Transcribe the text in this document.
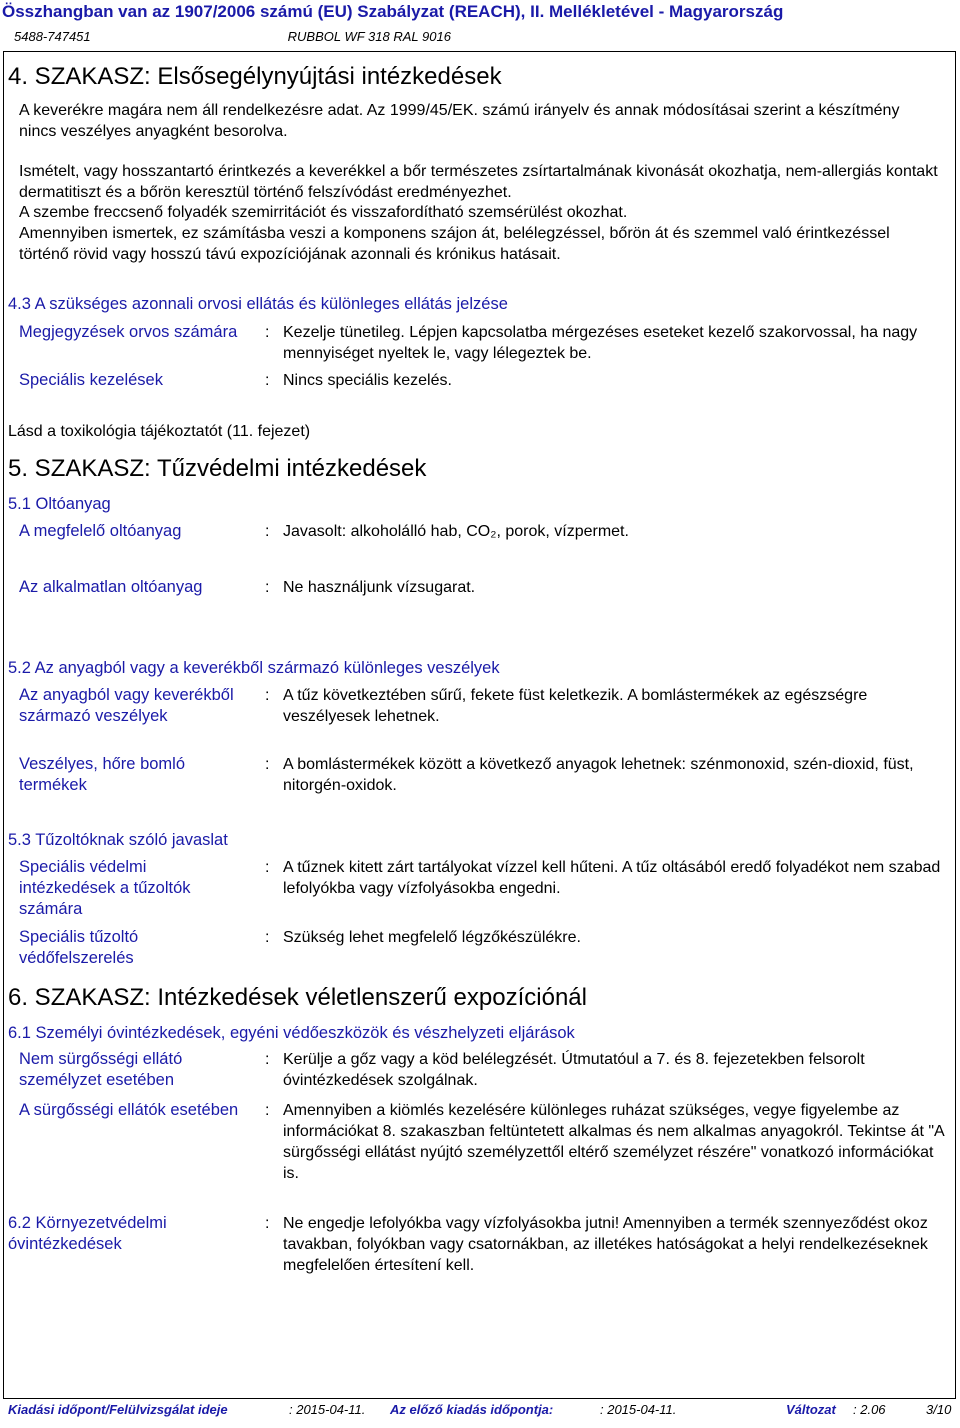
Összhangban van az 1907/2006 számú (EU) Szabályzat (REACH), II. Mellékletével - Magyarország
5488-747451	RUBBOL WF 318 RAL 9016
4. SZAKASZ: Elsősegélynyújtási intézkedések
A keverékre magára nem áll rendelkezésre adat. Az 1999/45/EK. számú irányelv és annak módosításai szerint a készítmény nincs veszélyes anyagként besorolva.
Ismételt, vagy hosszantartó érintkezés a keverékkel a bőr természetes zsírtartalmának kivonását okozhatja, nem-allergiás kontakt dermatitiszt és a bőrön keresztül történő felszívódást eredményezhet.
A szembe freccsenő folyadék szemirritációt és visszafordítható szemsérülést okozhat.
Amennyiben ismertek, ez számításba veszi a komponens szájon át, belélegzéssel, bőrön át és szemmel való érintkezéssel történő rövid vagy hosszú távú expozíciójának azonnali és krónikus hatásait.
4.3 A szükséges azonnali orvosi ellátás és különleges ellátás jelzése
Megjegyzések orvos számára	: Kezelje tünetileg. Lépjen kapcsolatba mérgezéses eseteket kezelő szakorvossal, ha nagy mennyiséget nyeltek le, vagy lélegeztek be.
Speciális kezelések	: Nincs speciális kezelés.
Lásd a toxikológia tájékoztatót (11. fejezet)
5. SZAKASZ: Tűzvédelmi intézkedések
5.1 Oltóanyag
A megfelelő oltóanyag	: Javasolt: alkoholálló hab, CO₂, porok, vízpermet.
Az alkalmatlan oltóanyag	: Ne használjunk vízsugarat.
5.2 Az anyagból vagy a keverékből származó különleges veszélyek
Az anyagból vagy keverékből származó veszélyek
: A tűz következtében sűrű, fekete füst keletkezik. A bomlástermékek az egészségre veszélyesek lehetnek.
Veszélyes, hőre bomló termékek
: A bomlástermékek között a következő anyagok lehetnek: szénmonoxid, szén-dioxid, füst, nitorgén-oxidok.
5.3 Tűzoltóknak szóló javaslat
Speciális védelmi intézkedések a tűzoltók számára
: A tűznek kitett zárt tartályokat vízzel kell hűteni. A tűz oltásából eredő folyadékot nem szabad lefolyókba vagy vízfolyásokba engedni.
Speciális tűzoltó védőfelszerelés
: Szükség lehet megfelelő légzőkészülékre.
6. SZAKASZ: Intézkedések véletlenszerű expozíciónál
6.1 Személyi óvintézkedések, egyéni védőeszközök és vészhelyzeti eljárások
Nem sürgősségi ellátó személyzet esetében
: Kerülje a gőz vagy a köd belélegzését. Útmutatóul a 7. és 8. fejezetekben felsorolt óvintézkedések szolgálnak.
A sürgősségi ellátók esetében	: Amennyiben a kiömlés kezelésére különleges ruházat szükséges, vegye figyelembe az információkat 8. szakaszban feltüntetett alkalmas és nem alkalmas anyagokról. Tekintse át "A sürgősségi ellátást nyújtó személyzettől eltérő személyzet részére" vonatkozó információkat is.
6.2 Környezetvédelmi óvintézkedések
: Ne engedje lefolyókba vagy vízfolyásokba jutni! Amennyiben a termék szennyeződést okoz tavakban, folyókban vagy csatornákban, az illetékes hatóságokat a helyi rendelkezéseknek megfelelően értesítení kell.
Kiadási időpont/Felülvizsgálat ideje	: 2015-04-11. Az előző kiadás időpontja:	: 2015-04-11.	Változat : 2.06	3/10
